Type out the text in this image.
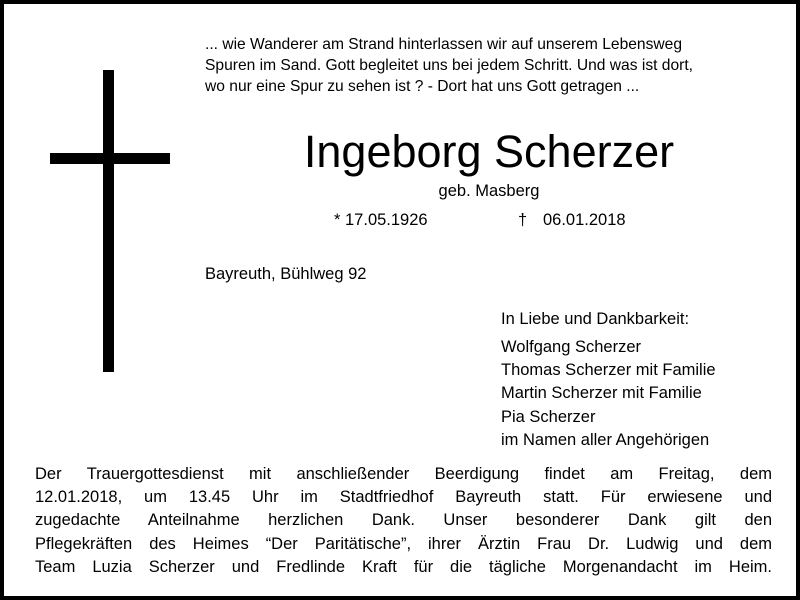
... wie Wanderer am Strand hinterlassen wir auf unserem Lebensweg
Spuren im Sand. Gott begleitet uns bei jedem Schritt. Und was ist dort,
wo nur eine Spur zu sehen ist ? - Dort hat uns Gott getragen ...

Ingeborg Scherzer
geb. Masberg
* 17.05.1926	† 06.01.2018
Bayreuth, Bühlweg 92
In Liebe und Dankbarkeit:
Wolfgang Scherzer
Thomas Scherzer mit Familie
Martin Scherzer mit Familie
Pia Scherzer
im Namen aller Angehörigen

Der Trauergottesdienst mit anschließender Beerdigung findet am Freitag, dem
12.01.2018, um 13.45 Uhr im Stadtfriedhof Bayreuth statt. Für erwiesene und
zugedachte Anteilnahme herzlichen Dank. Unser besonderer Dank gilt den
Pflegekräften des Heimes “Der Paritätische”, ihrer Ärztin Frau Dr. Ludwig und dem
Team Luzia Scherzer und Fredlinde Kraft für die tägliche Morgenandacht im Heim.
